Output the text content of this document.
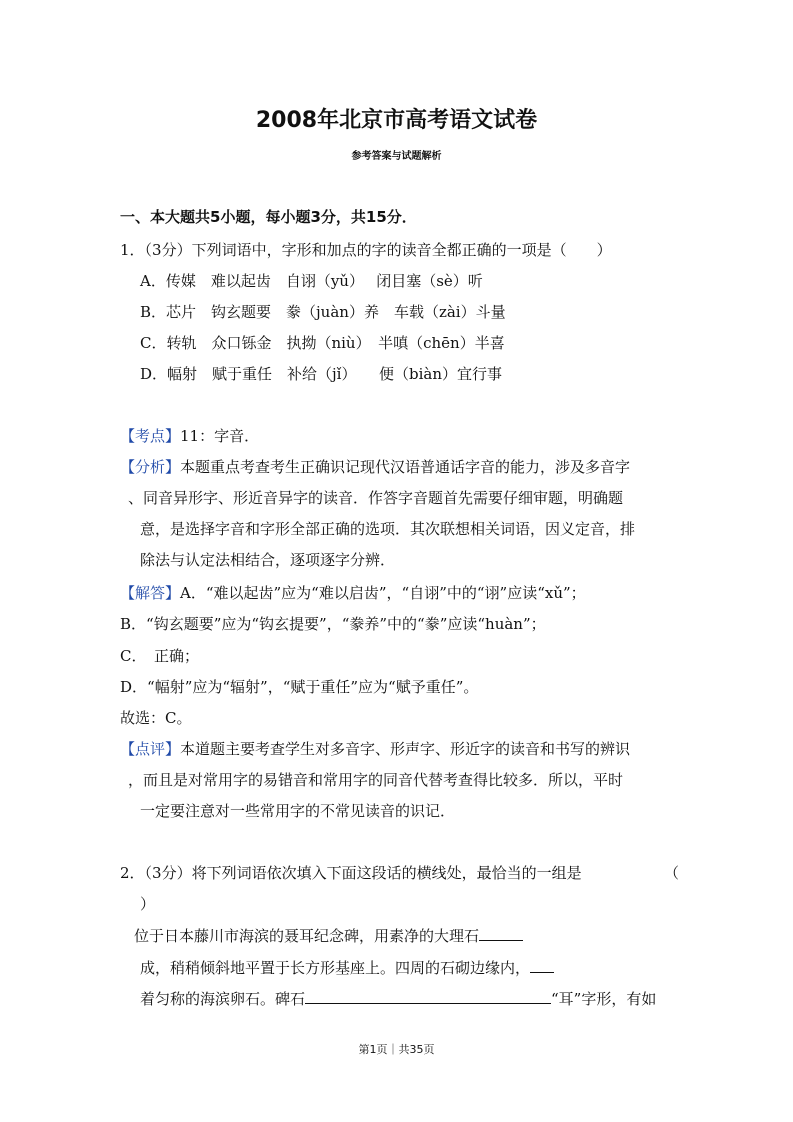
2008年北京市高考语文试卷
参考答案与试题解析
一、本大题共5小题，每小题3分，共15分．
1．（3分）下列词语中，字形和加点的字的读音全都正确的一项是（　　）
A．传媒　难以起齿　自诩（yǔ）　 闭目塞（sè）听
B．芯片　钩玄题要　豢（juàn）养　车载（zài）斗量
C．转轨　众口铄金　执拗（niù）　半嗔（chēn）半喜
D．幅射　赋于重任　补给（jǐ）　　便（biàn）宜行事
【考点】11：字音．
【分析】本题重点考查考生正确识记现代汉语普通话字音的能力，涉及多音字
、同音异形字、形近音异字的读音．作答字音题首先需要仔细审题，明确题
意，是选择字音和字形全部正确的选项．其次联想相关词语，因义定音，排
除法与认定法相结合，逐项逐字分辨．
【解答】A．“难以起齿”应为“难以启齿”，“自诩”中的“诩”应读“xǔ”；
B．“钩玄题要”应为“钩玄提要”，“豢养”中的“豢”应读“huàn”；
C．　正确；
D．“幅射”应为“辐射”，“赋于重任”应为“赋予重任”。
故选：C。
【点评】本道题主要考查学生对多音字、形声字、形近字的读音和书写的辨识
，而且是对常用字的易错音和常用字的同音代替考查得比较多．所以，平时
一定要注意对一些常用字的不常见读音的识记．
2．（3分）将下列词语依次填入下面这段话的横线处，最恰当的一组是	（
）
位于日本藤川市海滨的聂耳纪念碑，用素净的大理石
成，稍稍倾斜地平置于长方形基座上。四周的石砌边缘内，
着匀称的海滨卵石。碑石	“耳”字形，有如
第1页｜共35页
